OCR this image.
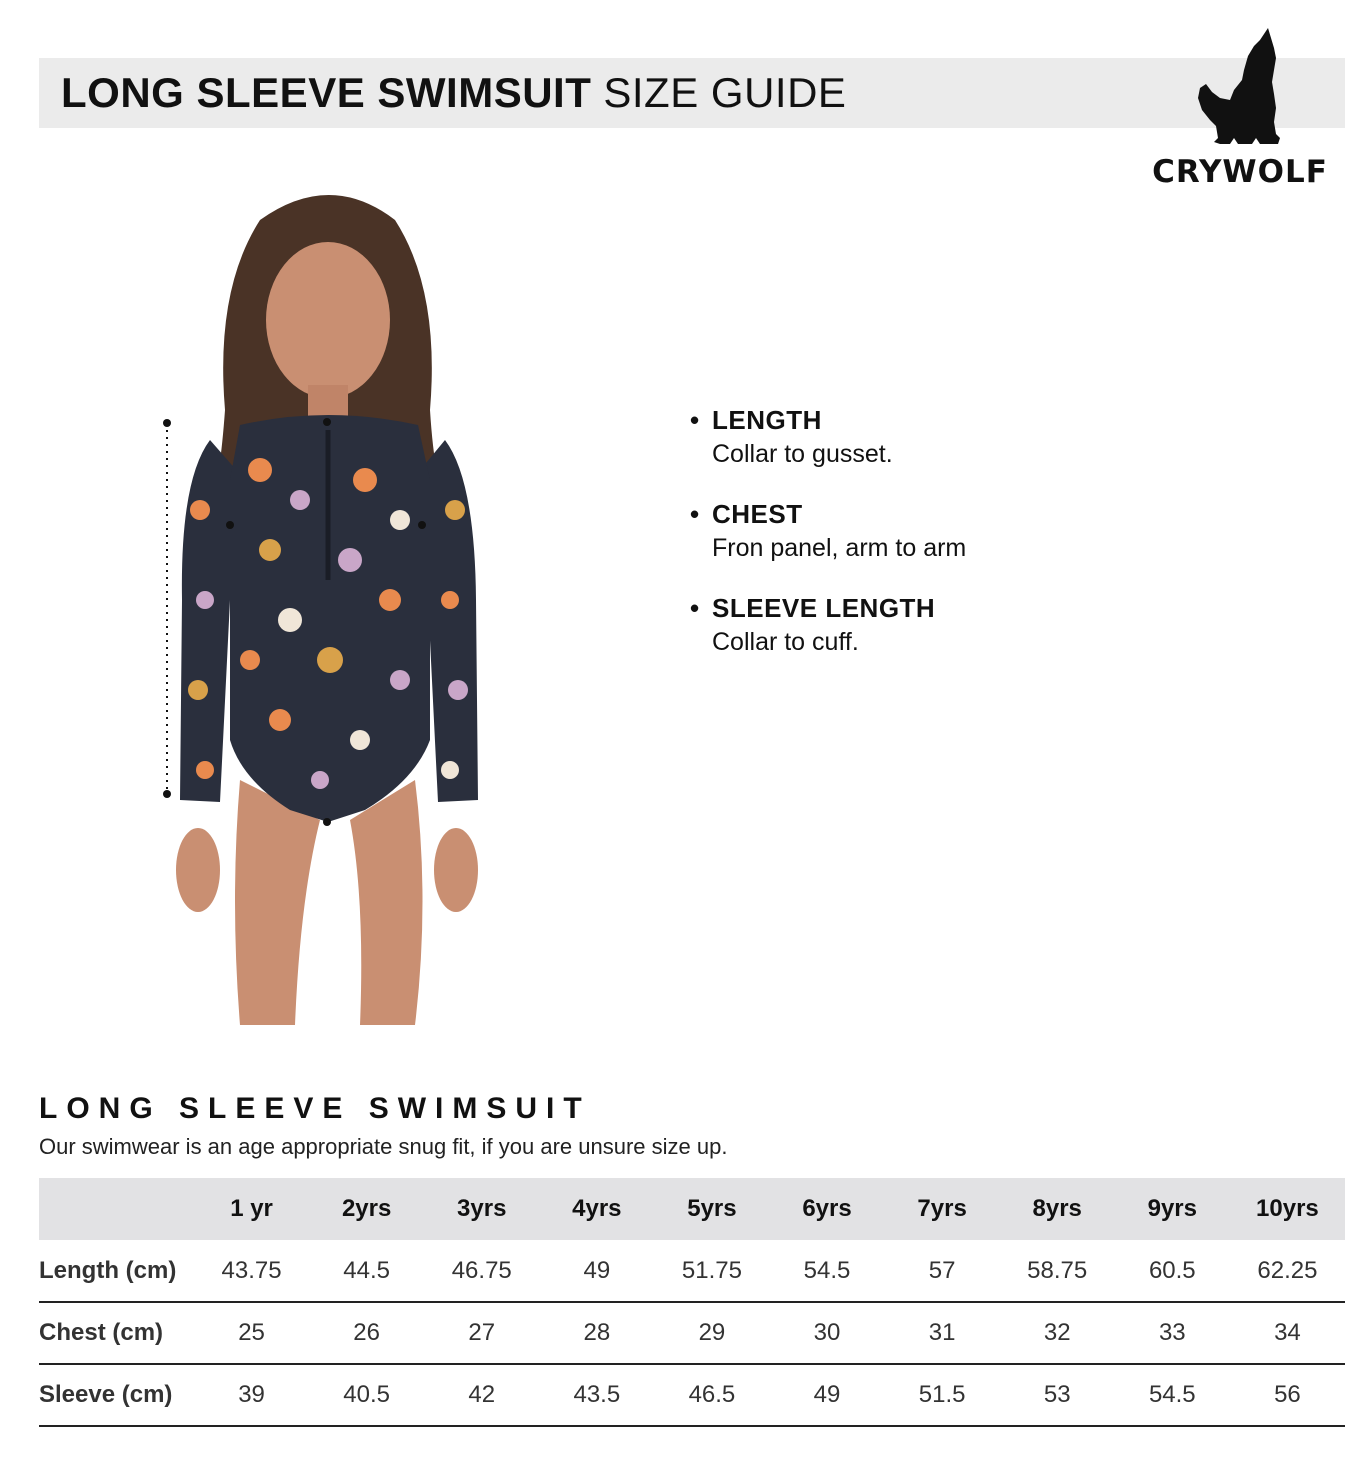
LONG SLEEVE SWIMSUIT SIZE GUIDE
CRYWOLF
• LENGTH
Collar to gusset.
• CHEST
Fron panel, arm to arm
• SLEEVE LENGTH
Collar to cuff.
LONG SLEEVE SWIMSUIT
Our swimwear is an age appropriate snug fit, if you are unsure size up.
	1 yr	2yrs	3yrs	4yrs	5yrs	6yrs	7yrs	8yrs	9yrs	10yrs
Length (cm)	43.75	44.5	46.75	49	51.75	54.5	57	58.75	60.5	62.25
Chest (cm)	25	26	27	28	29	30	31	32	33	34
Sleeve (cm)	39	40.5	42	43.5	46.5	49	51.5	53	54.5	56
